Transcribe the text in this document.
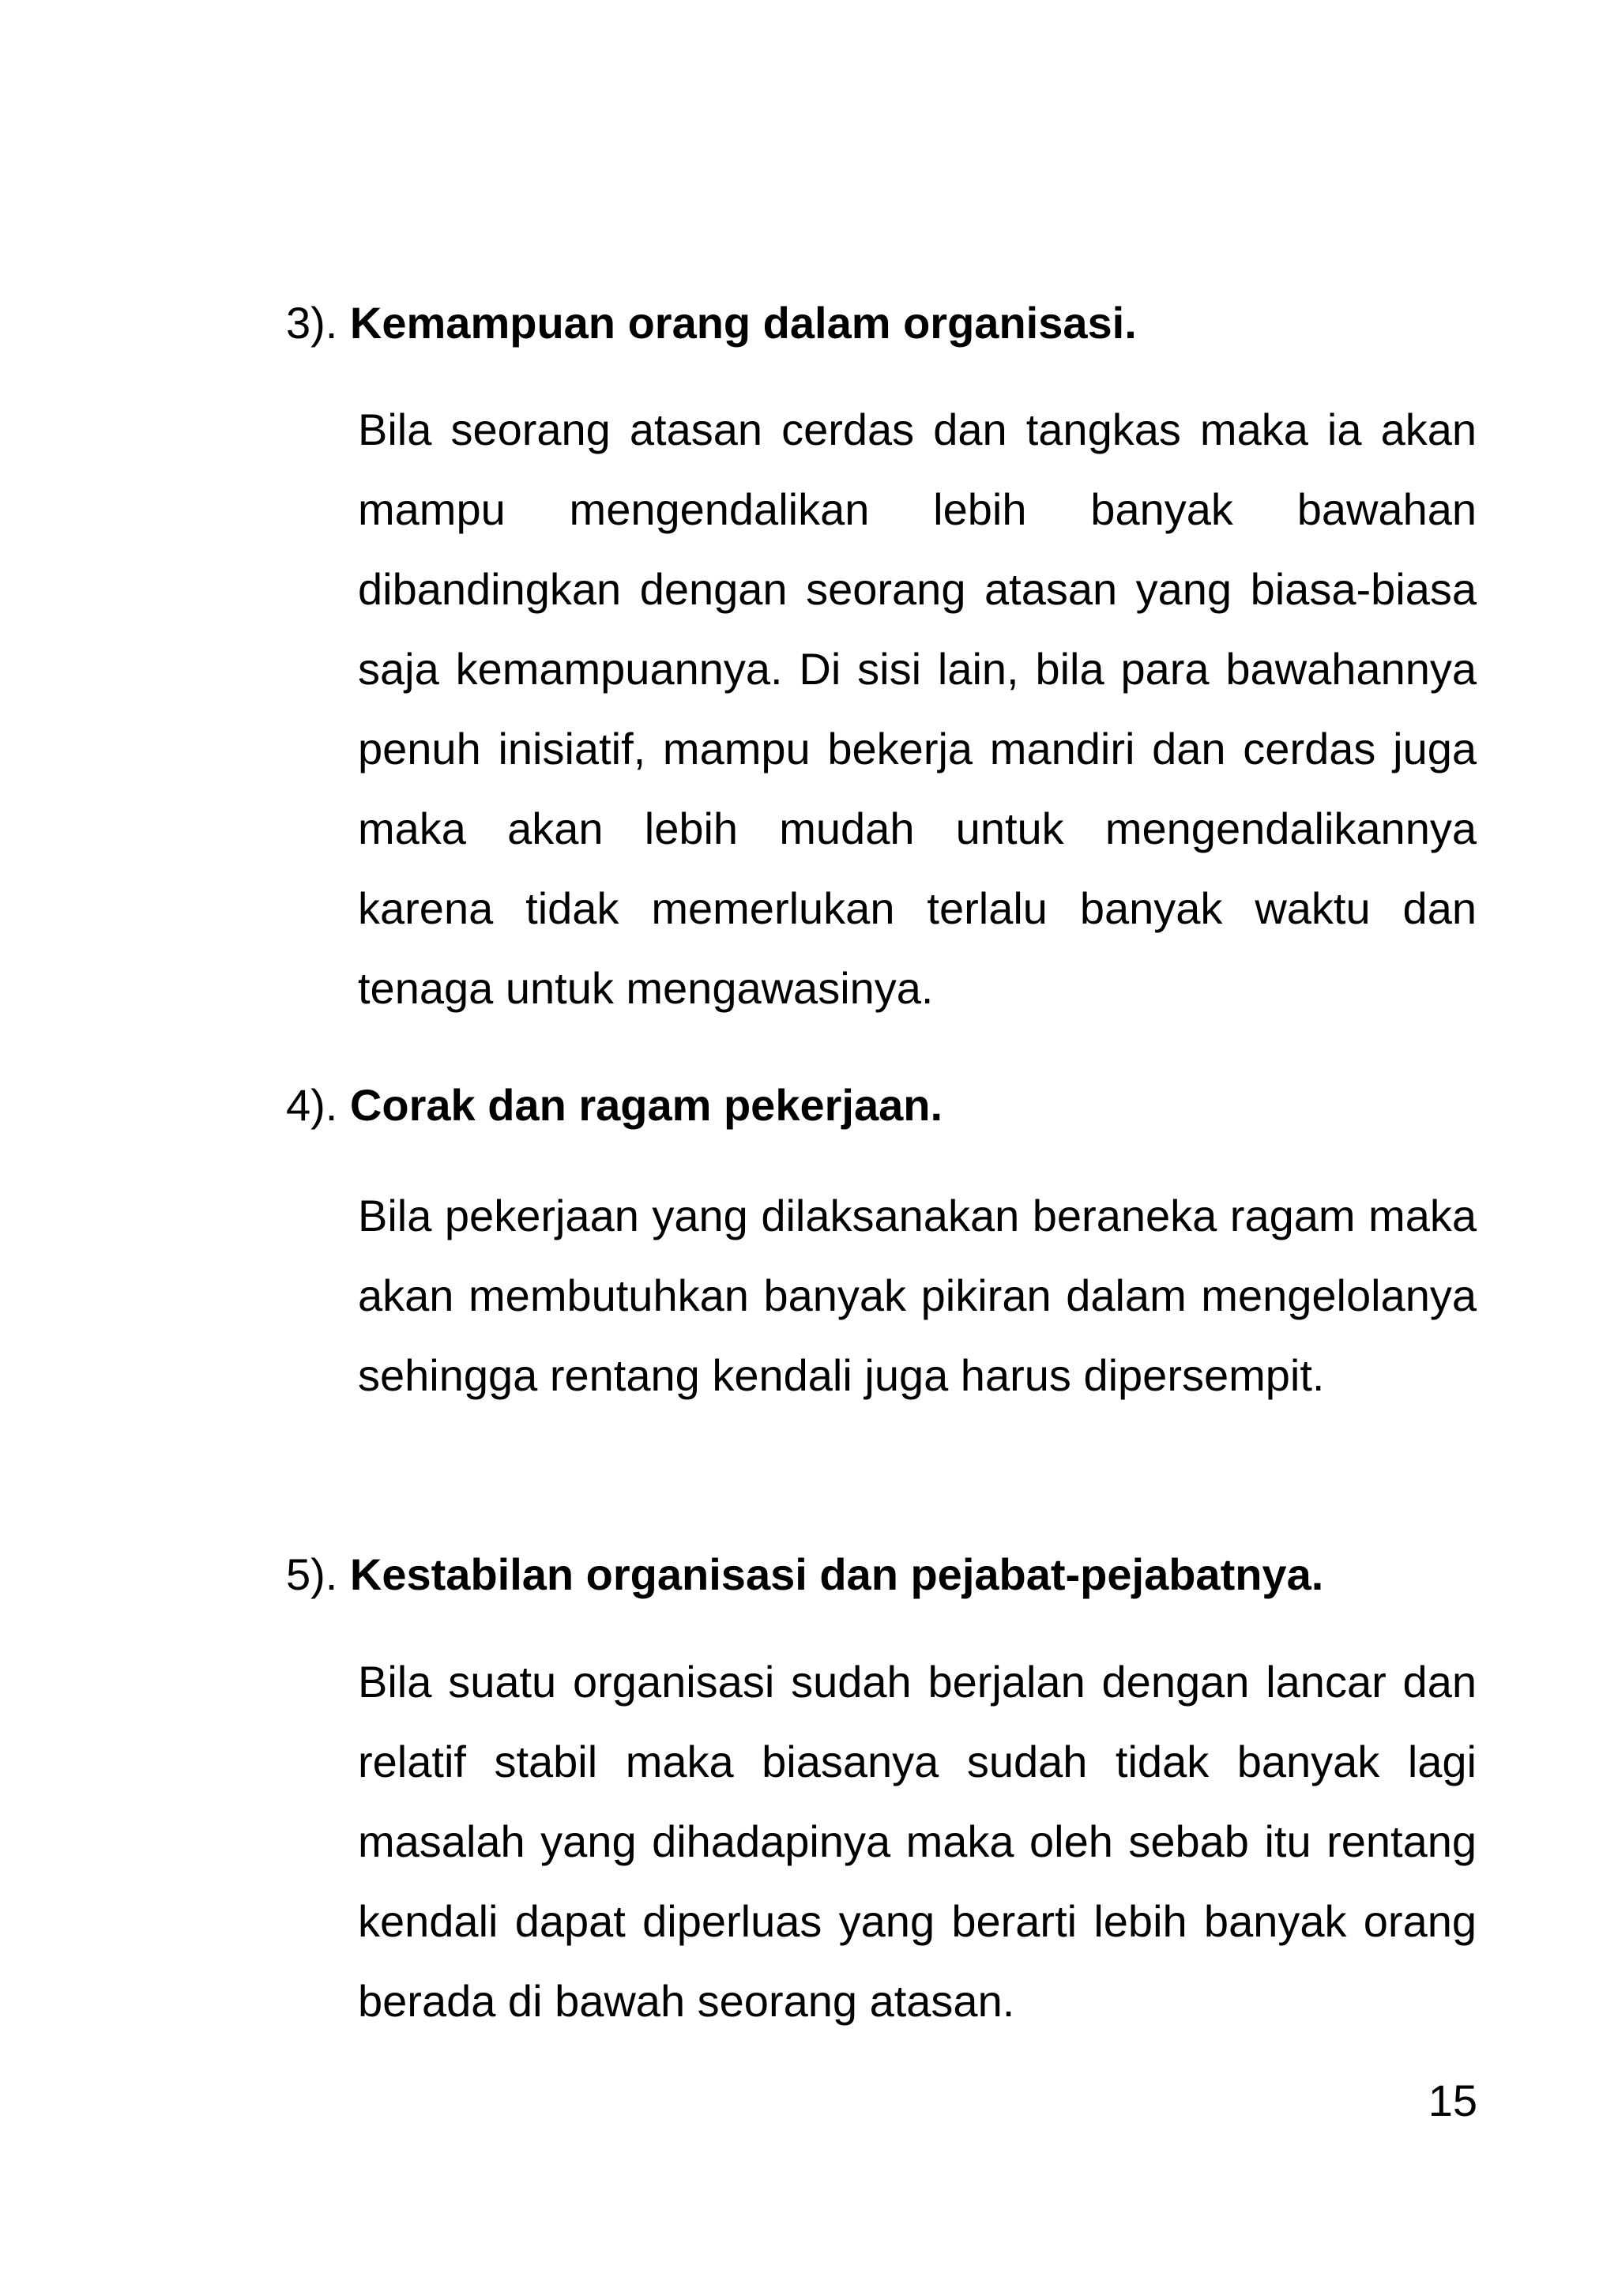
3). Kemampuan orang dalam organisasi.

Bila seorang atasan cerdas dan tangkas maka ia akan mampu mengendalikan lebih banyak bawahan dibandingkan dengan seorang atasan yang biasa-biasa saja kemampuannya. Di sisi lain, bila para bawahannya penuh inisiatif, mampu bekerja mandiri dan cerdas juga maka akan lebih mudah untuk mengendalikannya karena tidak memerlukan terlalu banyak waktu dan tenaga untuk mengawasinya.

4). Corak dan ragam pekerjaan.

Bila pekerjaan yang dilaksanakan beraneka ragam maka akan membutuhkan banyak pikiran dalam mengelolanya sehingga rentang kendali juga harus dipersempit.

5). Kestabilan organisasi dan pejabat-pejabatnya.

Bila suatu organisasi sudah berjalan dengan lancar dan relatif stabil maka biasanya sudah tidak banyak lagi masalah yang dihadapinya maka oleh sebab itu rentang kendali dapat diperluas yang berarti lebih banyak orang berada di bawah seorang atasan.

15
